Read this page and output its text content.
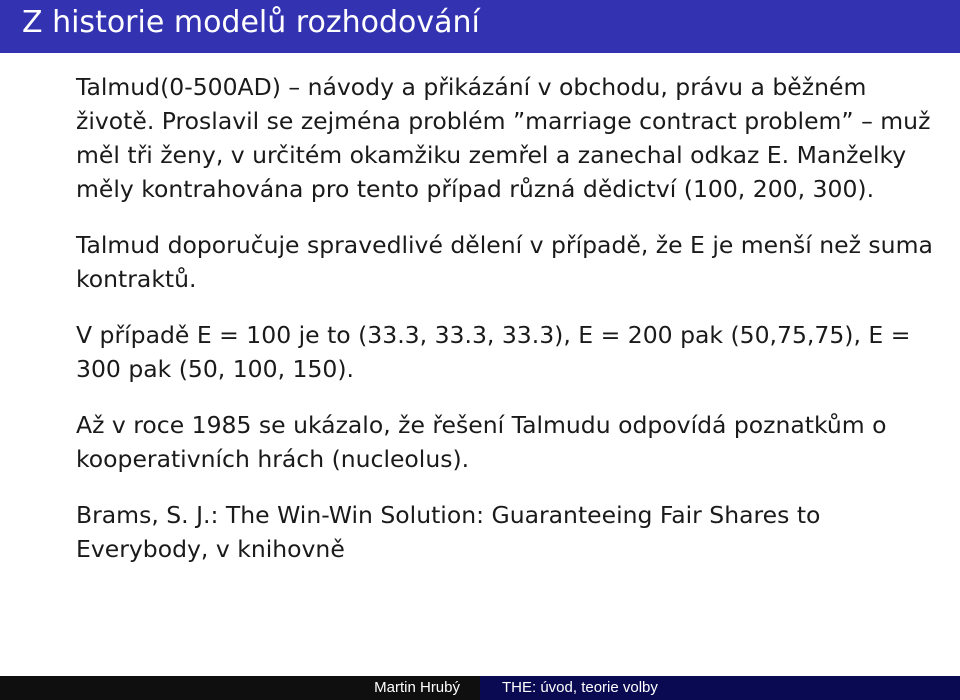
Z historie modelů rozhodování

Talmud(0-500AD) – návody a přikázání v obchodu, právu a běžném životě. Proslavil se zejména problém ”marriage contract problem” – muž měl tři ženy, v určitém okamžiku zemřel a zanechal odkaz E. Manželky měly kontrahována pro tento případ různá dědictví (100, 200, 300).

Talmud doporučuje spravedlivé dělení v případě, že E je menší než suma kontraktů.

V případě E = 100 je to (33.3, 33.3, 33.3), E = 200 pak (50,75,75), E = 300 pak (50, 100, 150).

Až v roce 1985 se ukázalo, že řešení Talmudu odpovídá poznatkům o kooperativních hrách (nucleolus).

Brams, S. J.: The Win-Win Solution: Guaranteeing Fair Shares to Everybody, v knihovně

Martin Hrubý	THE: úvod, teorie volby
